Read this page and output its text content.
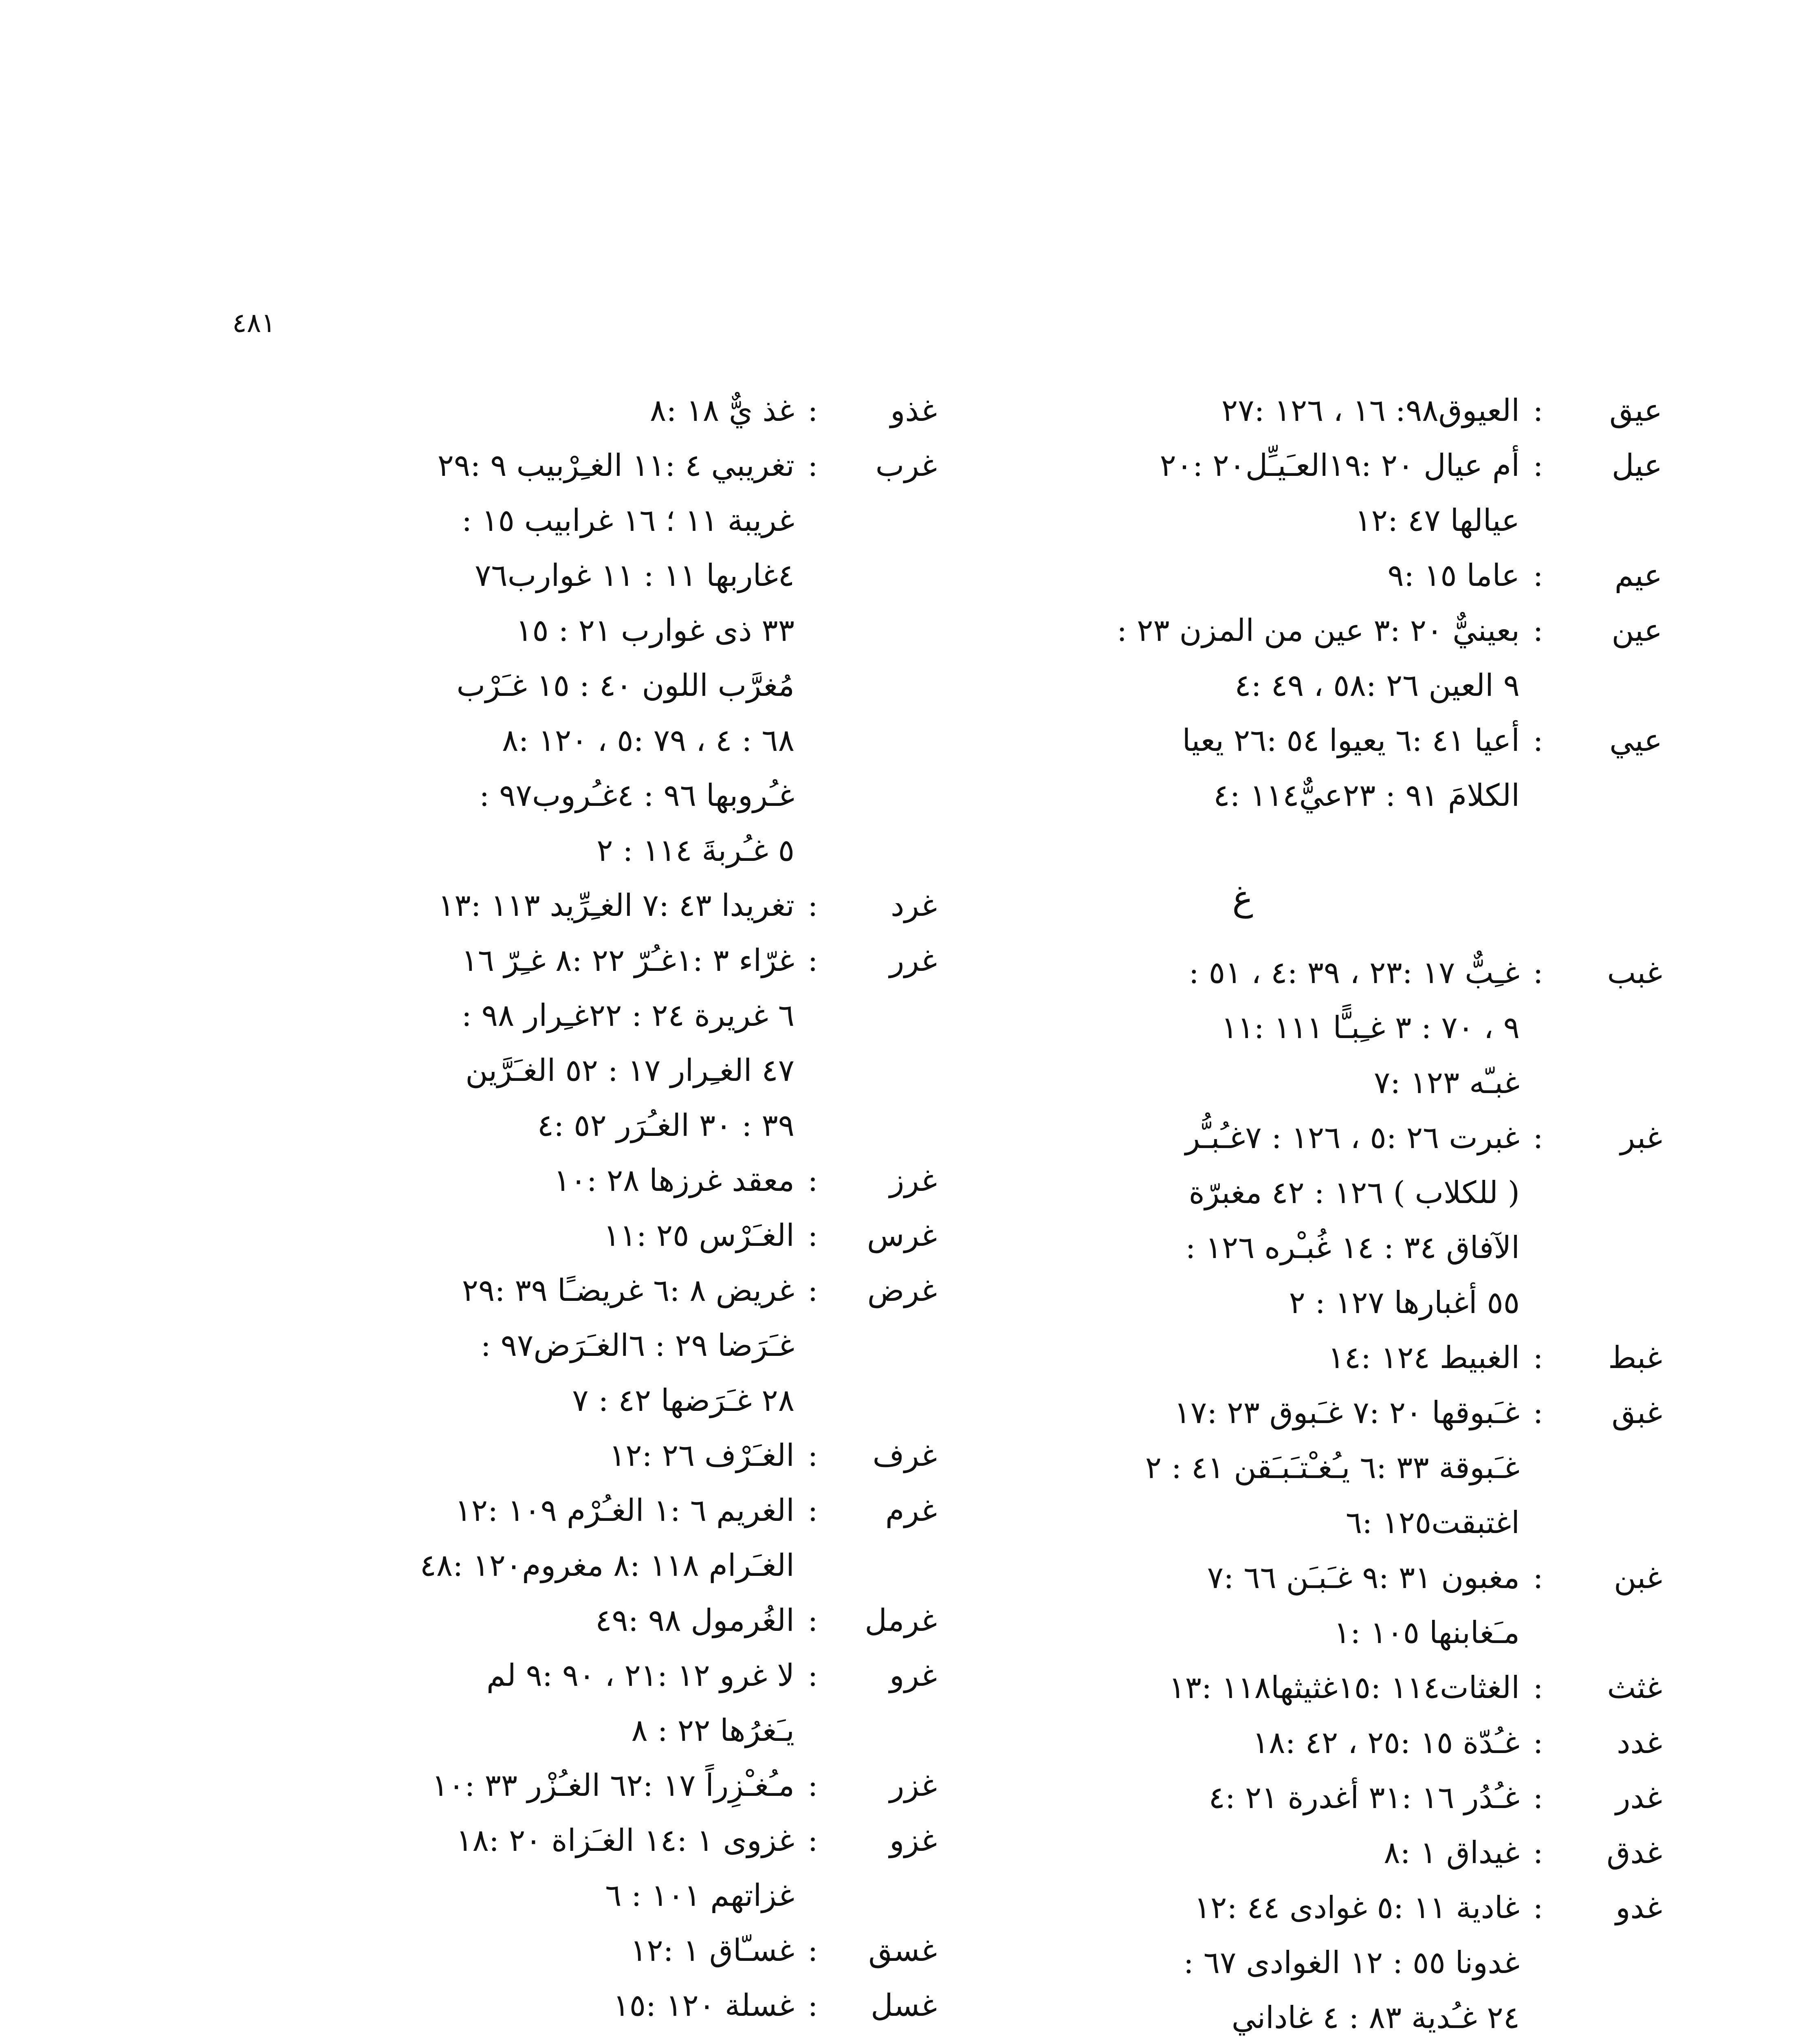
٤٨١
عيق
:
العيوق٩٨: ١٦ ، ١٢٦ :٢٧
عيل
:
أم عيال ٢٠ :١٩العـَيـِّل٢٠ :٢٠
عيالها ٤٧ :١٢
عيم
:
عاما ١٥ :٩
عين
:
بعينيٌّ ٢٠ :٣ عين من المزن ٢٣ :
٩ العين ٢٦ :٥٨ ، ٤٩ :٤
عيي
:
أعيا ٤١ :٦ يعيوا ٥٤ :٢٦ يعيا
الكلامَ ٩١ : ٢٣عيٌّ١١٤ :٤
غ
غبب
:
غـِبٌّ ١٧ :٢٣ ، ٣٩ :٤ ، ٥١ :
٩ ، ٧٠ : ٣ غـِبـًّا ١١١ :١١
غبـّه ١٢٣ :٧
غبر
:
غبرت ٢٦ :٥ ، ١٢٦ : ٧غـُبـُّر
( للكلاب ) ١٢٦ : ٤٢ مغبرّة
الآفاق ٣٤ : ١٤ غُبـْره ١٢٦ :
٥٥ أغبارها ١٢٧ : ٢
غبط
:
الغبيط ١٢٤ :١٤
غبق
:
غـَبوقها ٢٠ :٧ غـَبوق ٢٣ :١٧
غـَبوقة ٣٣ :٦ يـُغـْتـَبـَقن ٤١ : ٢
اغتبقت١٢٥ :٦
غبن
:
مغبون ٣١ :٩ غـَبـَن ٦٦ :٧
مـَغابنها ١٠٥ :١
غثث
:
الغثات١١٤ :١٥غثيثها١١٨ :١٣
غدد
:
غـُدّة ١٥ :٢٥ ، ٤٢ :١٨
غدر
:
غـُدُر ١٦ :٣١ أغدرة ٢١ :٤
غدق
:
غيداق ١ :٨
غدو
:
غادية ١١ :٥ غوادى ٤٤ :١٢
غدونا ٥٥ : ١٢ الغوادى ٦٧ :
٢٤ غـُدية ٨٣ : ٤ غاداني
غذو
:
غذ يٌّ ١٨ :٨
غرب
:
تغريبي ٤ :١١ الغـِرْبيب ٩ :٢٩
غريبة ١١ ؛ ١٦ غرابيب ١٥ :
٤غاربها ١١ : ١١ غوارب٧٦
٣٣ ذى غوارب ٢١ : ١٥
مُغرَّب اللون ٤٠ : ١٥ غـَرْب
٦٨ : ٤ ، ٧٩ :٥ ، ١٢٠ :٨
غـُروبها ٩٦ : ٤غـُروب٩٧ :
٥ غـُربةَ ١١٤ : ٢
غرد
:
تغريدا ٤٣ :٧ الغـِرِّيد ١١٣ :١٣
غرر
:
غرّاء ٣ :١غـُرّ ٢٢ :٨ غـِرّ ١٦
٦ غريرة ٢٤ : ٢٢غـِرار ٩٨ :
٤٧ الغـِرار ١٧ : ٥٢ الغـَرَّين
٣٩ : ٣٠ الغـُرَر ٥٢ :٤
غرز
:
معقد غرزها ٢٨ :١٠
غرس
:
الغـَرْس ٢٥ :١١
غرض
:
غريض ٨ :٦ غريضـًا ٣٩ :٢٩
غـَرَضا ٢٩ : ٦الغـَرَض٩٧ :
٢٨ غـَرَضها ٤٢ : ٧
غرف
:
الغـَرْف ٢٦ :١٢
غرم
:
الغريم ٦ :١ الغـُرْم ١٠٩ :١٢
الغـَرام ١١٨ :٨ مغروم١٢٠ :٤٨
غرمل
:
الغُرمول ٩٨ :٤٩
غرو
:
لا غرو ١٢ :٢١ ، ٩٠ :٩ لم
يـَغرُها ٢٢ : ٨
غزر
:
مـُغـْزِراً ١٧ :٦٢ الغـُزْر ٣٣ :١٠
غزو
:
غزوى ١ :١٤ الغـَزاة ٢٠ :١٨
غزاتهم ١٠١ : ٦
غسق
:
غسـّاق ١ :١٢
غسل
:
غسلة ١٢٠ :١٥
